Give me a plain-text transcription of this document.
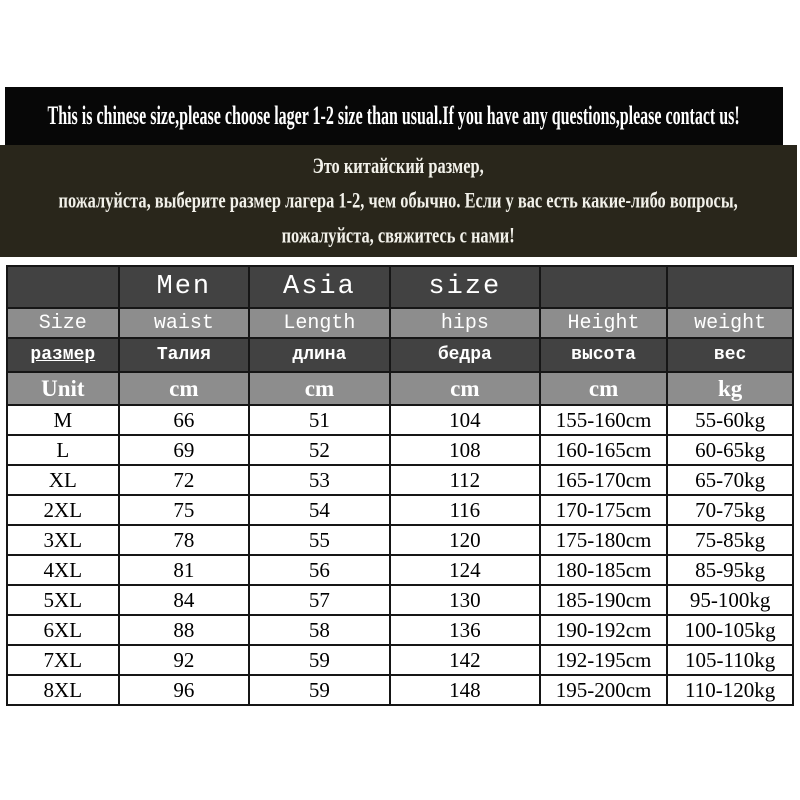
This is chinese size,please choose lager 1-2 size than usual.If you have any questions,please contact us!
Это китайский размер,
пожалуйста, выберите размер лагера 1-2, чем обычно. Если у вас есть какие-либо вопросы,
пожалуйста, свяжитесь с нами!
	Men	Asia	size		
Size	waist	Length	hips	Height	weight
размер	Талия	длина	бедра	высота	вес
Unit	cm	cm	cm	cm	kg
M	66	51	104	155-160cm	55-60kg
L	69	52	108	160-165cm	60-65kg
XL	72	53	112	165-170cm	65-70kg
2XL	75	54	116	170-175cm	70-75kg
3XL	78	55	120	175-180cm	75-85kg
4XL	81	56	124	180-185cm	85-95kg
5XL	84	57	130	185-190cm	95-100kg
6XL	88	58	136	190-192cm	100-105kg
7XL	92	59	142	192-195cm	105-110kg
8XL	96	59	148	195-200cm	110-120kg
